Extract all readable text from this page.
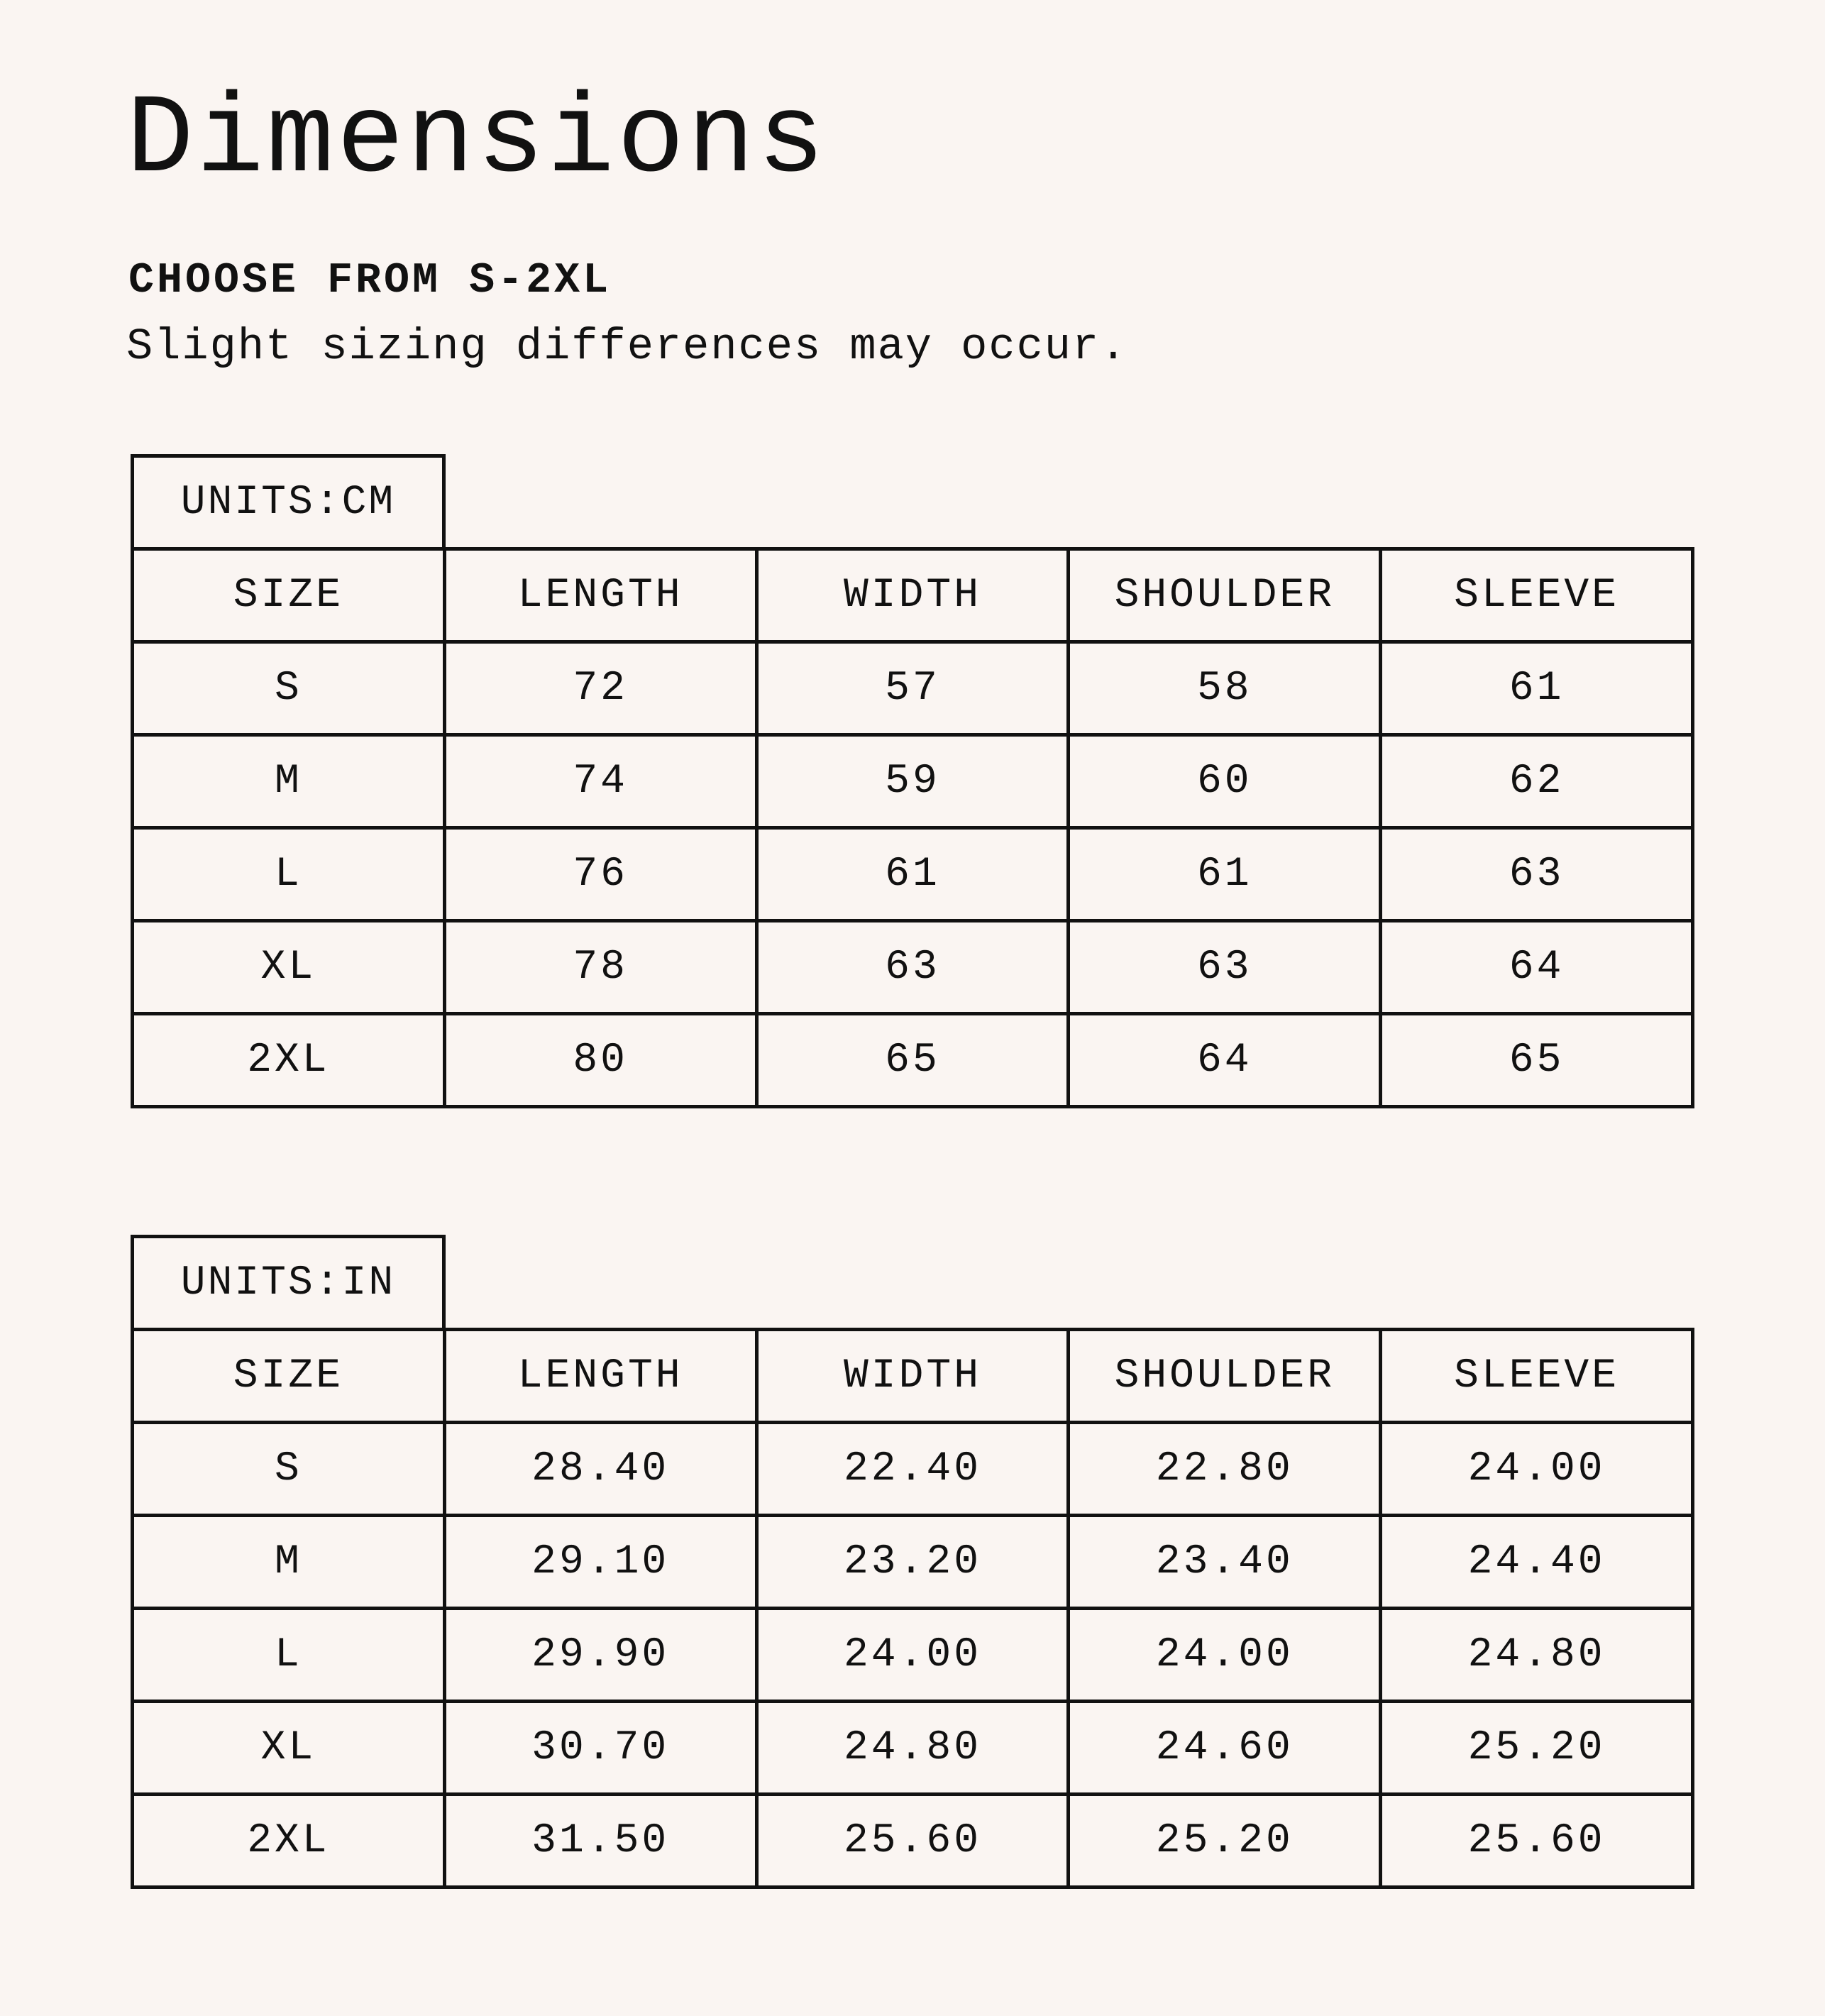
Dimensions
CHOOSE FROM S-2XL

Slight sizing differences may occur.

UNITS:CM
SIZE	LENGTH	WIDTH	SHOULDER	SLEEVE
S	72	57	58	61
M	74	59	60	62
L	76	61	61	63
XL	78	63	63	64
2XL	80	65	64	65
UNITS:IN
SIZE	LENGTH	WIDTH	SHOULDER	SLEEVE
S	28.40	22.40	22.80	24.00
M	29.10	23.20	23.40	24.40
L	29.90	24.00	24.00	24.80
XL	30.70	24.80	24.60	25.20
2XL	31.50	25.60	25.20	25.60
